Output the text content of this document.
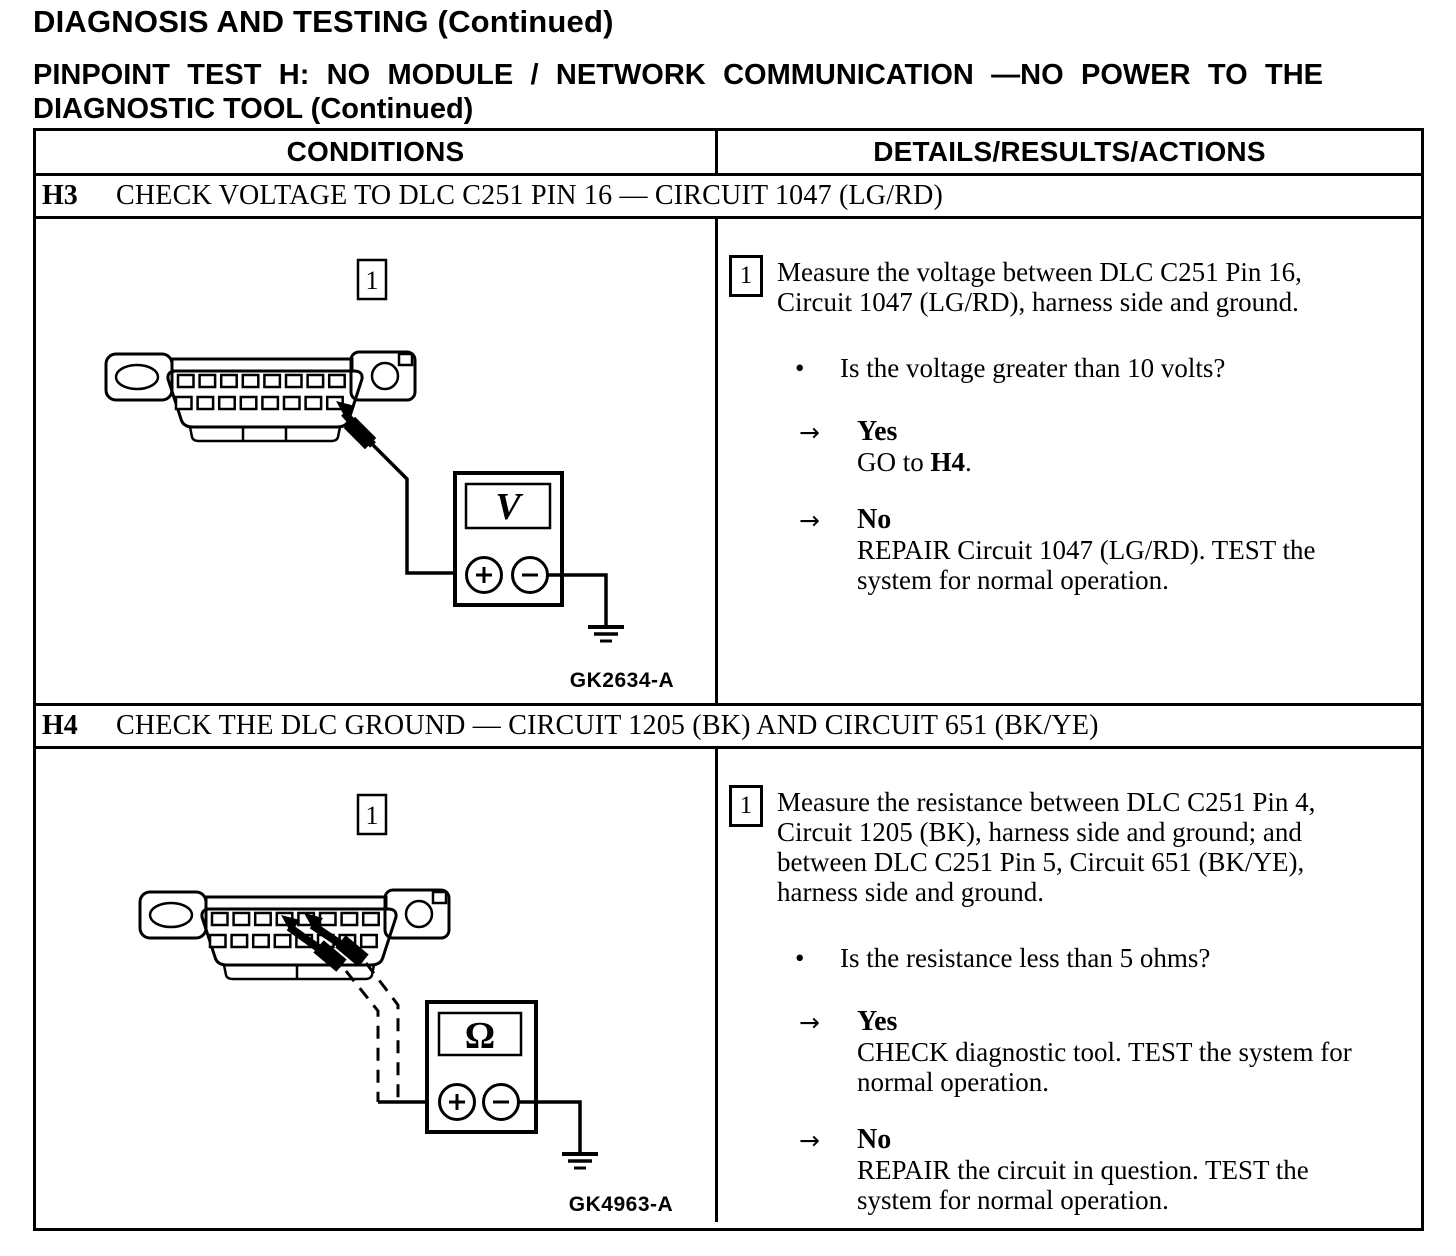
DIAGNOSIS AND TESTING (Continued)
PINPOINT TEST H: NO MODULE / NETWORK COMMUNICATION —NO POWER TO THE
DIAGNOSTIC TOOL (Continued)
CONDITIONS	DETAILS/RESULTS/ACTIONS
H3	CHECK VOLTAGE TO DLC C251 PIN 16 — CIRCUIT 1047 (LG/RD)
1
V
GK2634-A
1 Measure the voltage between DLC C251 Pin 16,
Circuit 1047 (LG/RD), harness side and ground.
•	Is the voltage greater than 10 volts?
→	Yes
GO to H4.
→	No
REPAIR Circuit 1047 (LG/RD). TEST the
system for normal operation.
H4	CHECK THE DLC GROUND — CIRCUIT 1205 (BK) AND CIRCUIT 651 (BK/YE)
1
Ω
GK4963-A
1 Measure the resistance between DLC C251 Pin 4,
Circuit 1205 (BK), harness side and ground; and
between DLC C251 Pin 5, Circuit 651 (BK/YE),
harness side and ground.
•	Is the resistance less than 5 ohms?
→	Yes
CHECK diagnostic tool. TEST the system for
normal operation.
→	No
REPAIR the circuit in question. TEST the
system for normal operation.
